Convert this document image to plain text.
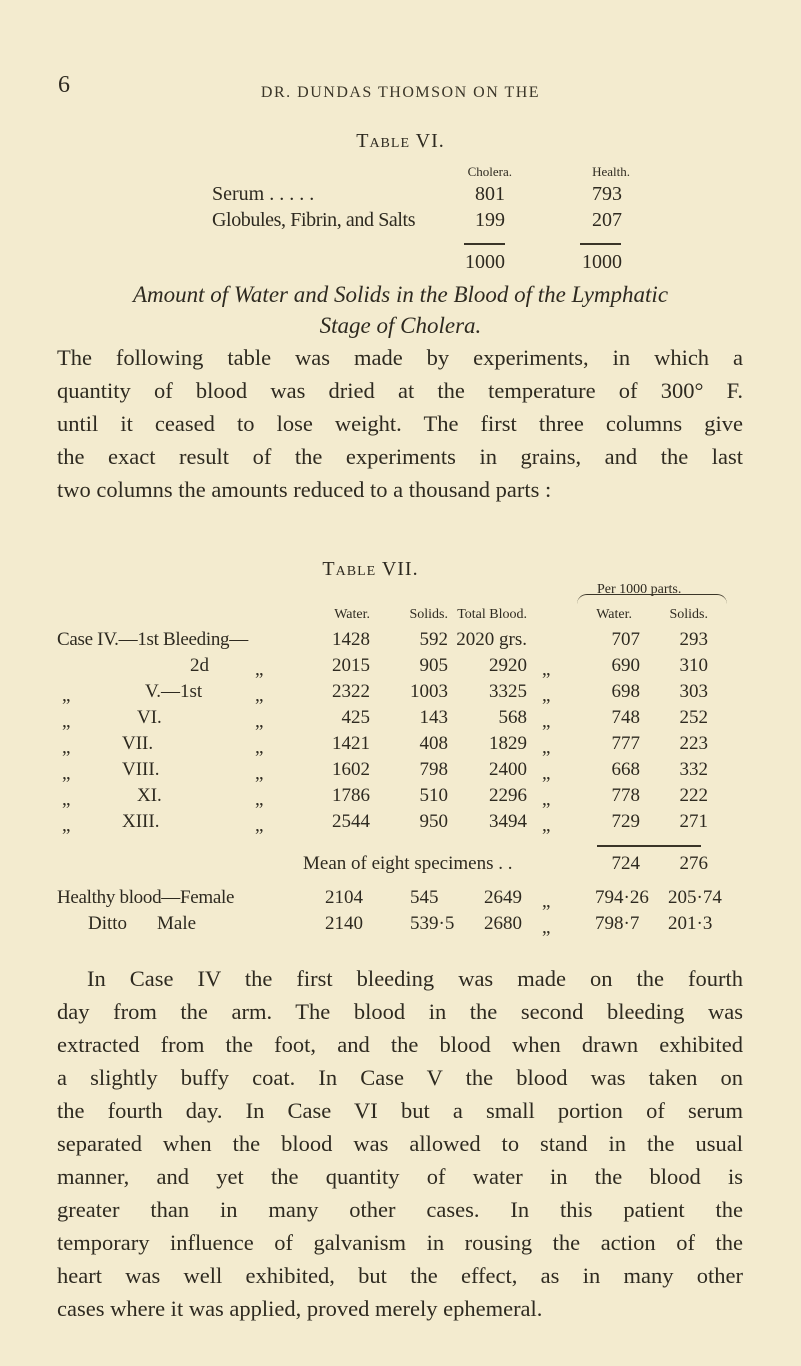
6	DR. DUNDAS THOMSON ON THE
Table VI.
Cholera.	Health.
Serum . . . . .	801	793
Globules, Fibrin, and Salts	199	207
1000	1000
Amount of Water and Solids in the Blood of the Lymphatic
Stage of Cholera.
The following table was made by experiments, in which a
quantity of blood was dried at the temperature of 300° F.
until it ceased to lose weight. The first three columns give
the exact result of the experiments in grains, and the last
two columns the amounts reduced to a thousand parts :
Table VII.
Per 1000 parts.
Water.	Solids. Total Blood.	Water.	Solids.
Case IV.—1st Bleeding—	1428	592 2020 grs.	707	293
2d „	2015	905	2920 „	690	310
„	V.—1st	„	2322	1003	3325 „	698	303
„	VI.	„	425	143	568 „	748	252
„	VII.	„	1421	408	1829 „	777	223
„	VIII.	„	1602	798	2400 „	668	332
„	XI.	„	1786	510	2296 „	778	222
„	XIII.	„	2544	950	3494 „	729	271
Mean of eight specimens . .	724	276
Healthy blood—Female	2104 545 2649 „ 794·26 205·74
Ditto Male	2140 539·5 2680 „ 798·7 201·3
In Case IV the first bleeding was made on the fourth
day from the arm. The blood in the second bleeding was
extracted from the foot, and the blood when drawn exhibited
a slightly buffy coat. In Case V the blood was taken on
the fourth day. In Case VI but a small portion of serum
separated when the blood was allowed to stand in the usual
manner, and yet the quantity of water in the blood is
greater than in many other cases. In this patient the
temporary influence of galvanism in rousing the action of the
heart was well exhibited, but the effect, as in many other
cases where it was applied, proved merely ephemeral.
